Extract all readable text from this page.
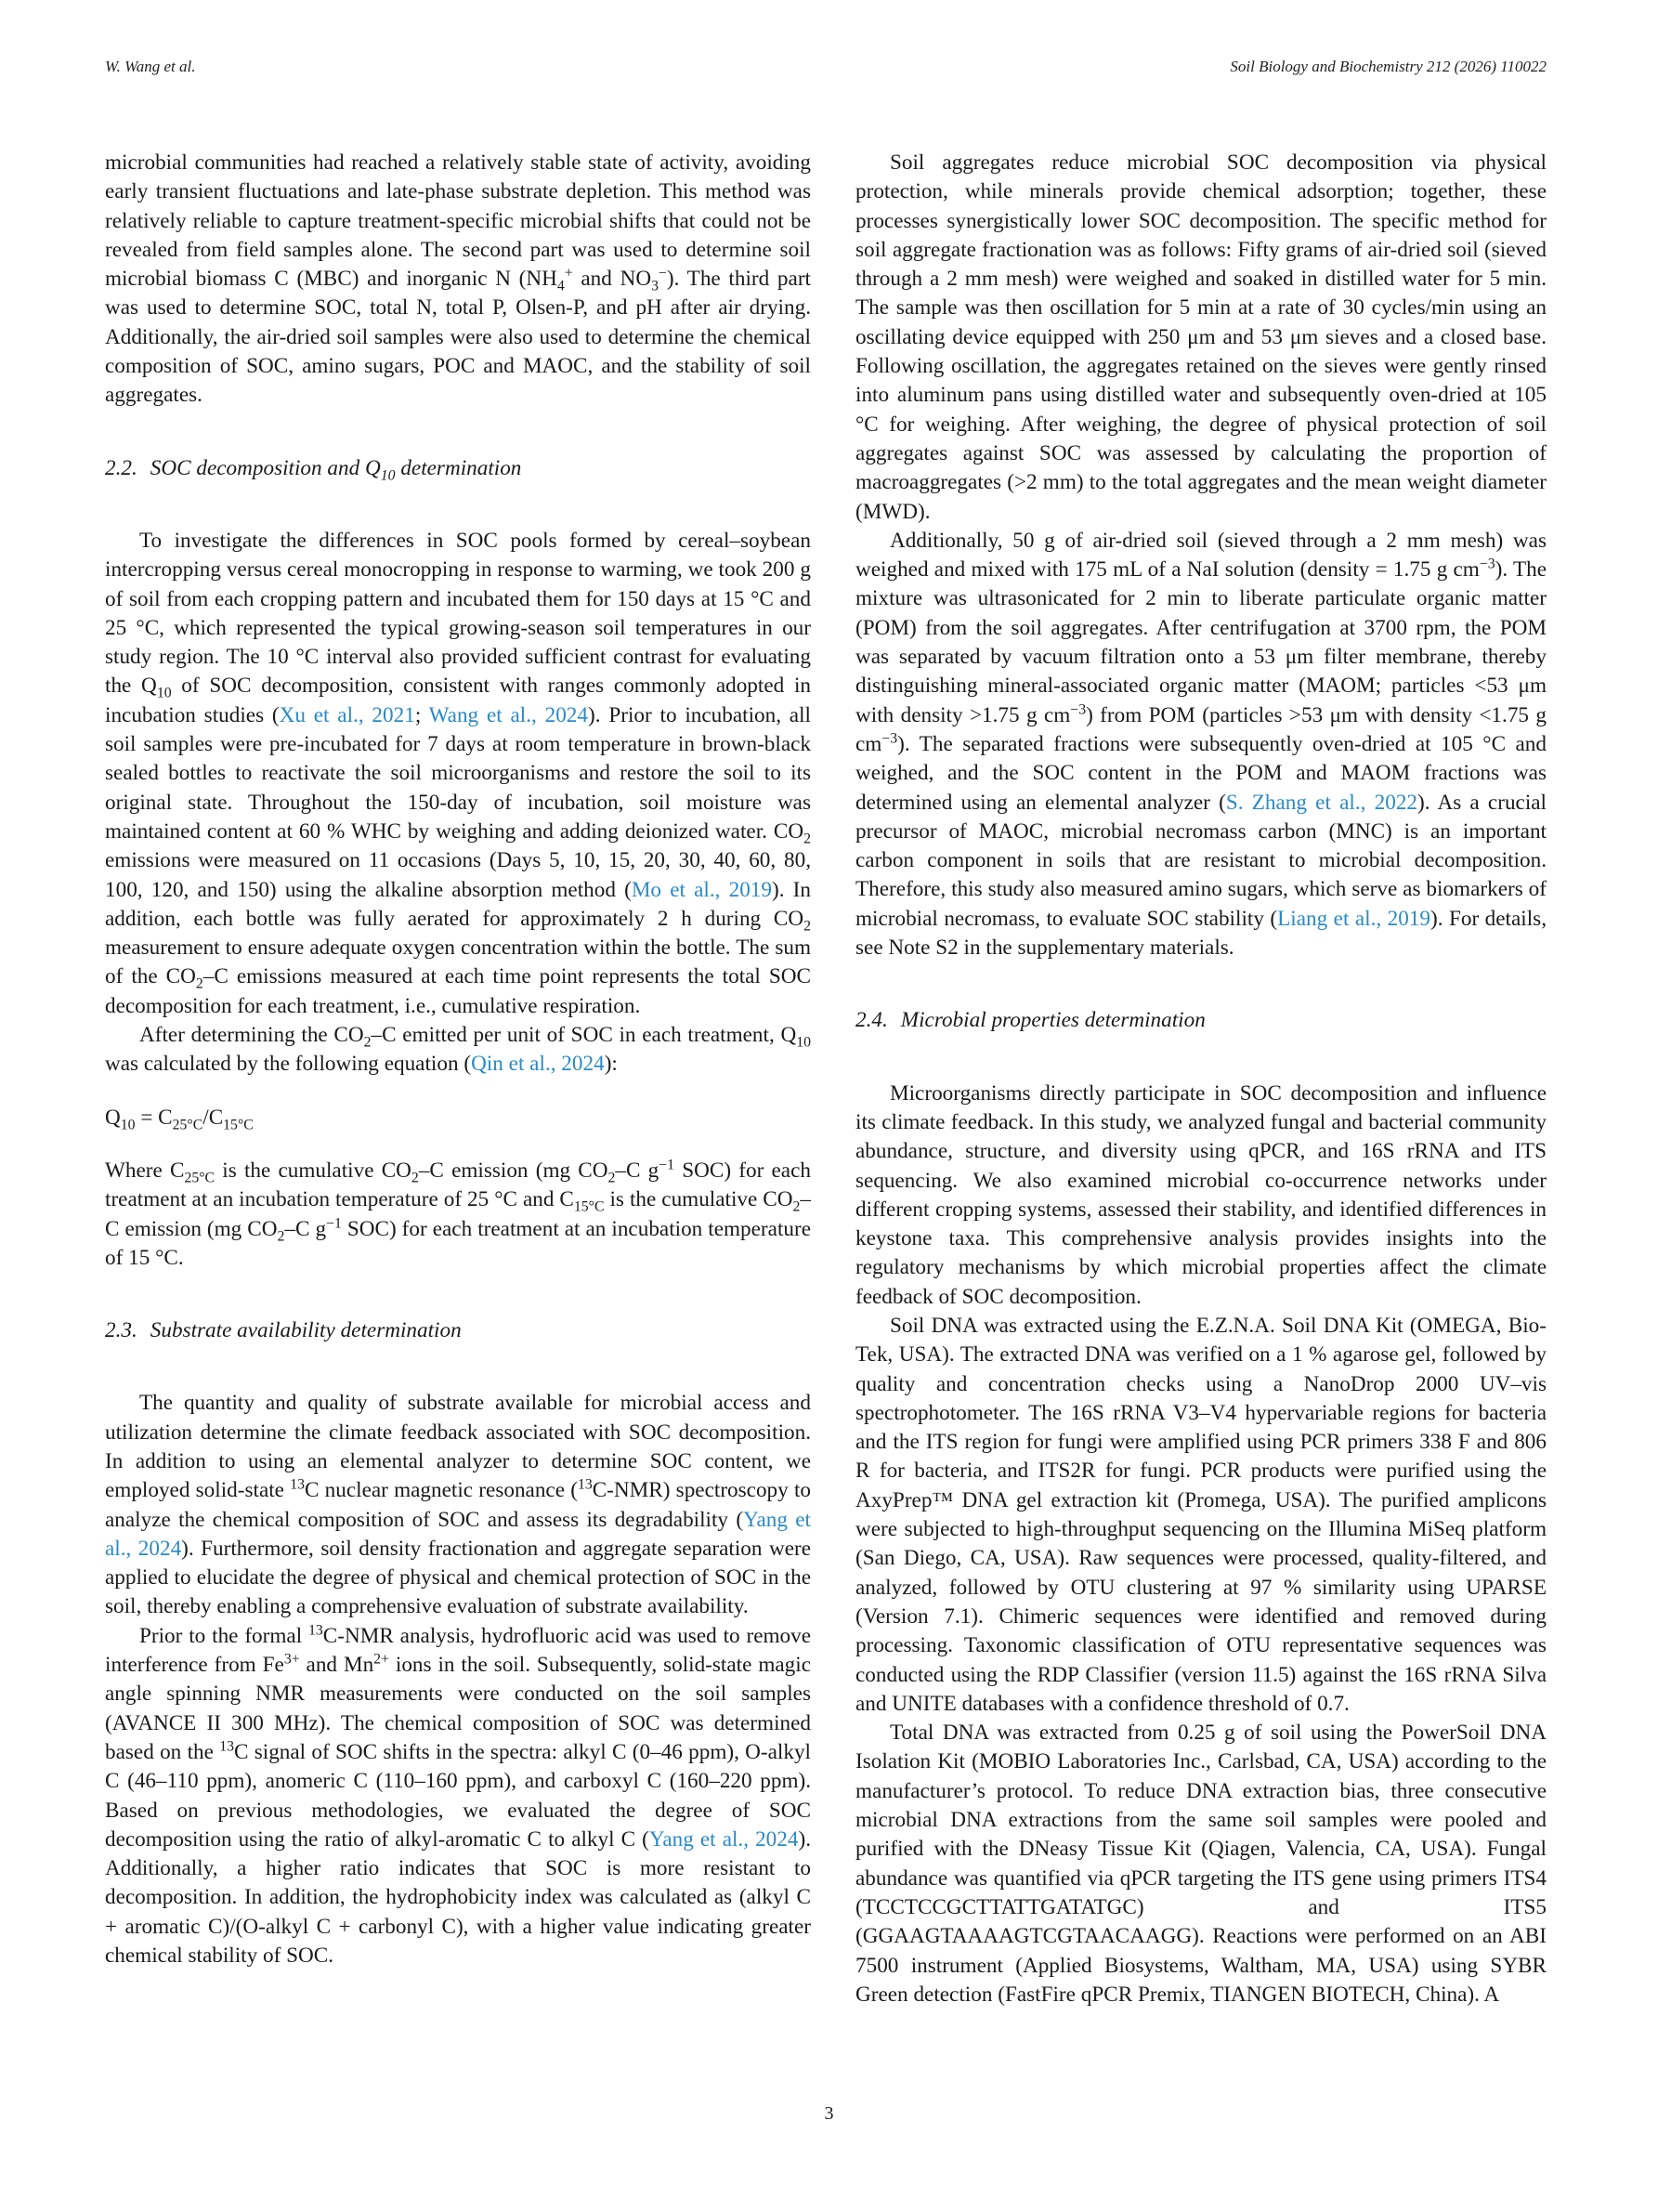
W. Wang et al.	Soil Biology and Biochemistry 212 (2026) 110022

microbial communities had reached a relatively stable state of activity, avoiding early transient fluctuations and late-phase substrate depletion. This method was relatively reliable to capture treatment-specific microbial shifts that could not be revealed from field samples alone. The second part was used to determine soil microbial biomass C (MBC) and inorganic N ($NH_4^+$ and $NO_3^-$). The third part was used to determine SOC, total N, total P, Olsen-P, and pH after air drying. Additionally, the air-dried soil samples were also used to determine the chemical composition of SOC, amino sugars, POC and MAOC, and the stability of soil aggregates.

2.2. SOC decomposition and $Q_{10}$ determination

To investigate the differences in SOC pools formed by cereal–soybean intercropping versus cereal monocropping in response to warming, we took 200 g of soil from each cropping pattern and incubated them for 150 days at 15 °C and 25 °C, which represented the typical growing-season soil temperatures in our study region. The 10 °C interval also provided sufficient contrast for evaluating the $Q_{10}$ of SOC decomposition, consistent with ranges commonly adopted in incubation studies (Xu et al., 2021; Wang et al., 2024). Prior to incubation, all soil samples were pre-incubated for 7 days at room temperature in brown-black sealed bottles to reactivate the soil microorganisms and restore the soil to its original state. Throughout the 150-day of incubation, soil moisture was maintained content at 60 % WHC by weighing and adding deionized water. $CO_2$ emissions were measured on 11 occasions (Days 5, 10, 15, 20, 30, 40, 60, 80, 100, 120, and 150) using the alkaline absorption method (Mo et al., 2019). In addition, each bottle was fully aerated for approximately 2 h during $CO_2$ measurement to ensure adequate oxygen concentration within the bottle. The sum of the $CO_2-C$ emissions measured at each time point represents the total SOC decomposition for each treatment, i.e., cumulative respiration.

After determining the $CO_2-C$ emitted per unit of SOC in each treatment, $Q_{10}$ was calculated by the following equation (Qin et al., 2024):

$Q_{10} = C_{25^\circ C}/C_{15^\circ C}$

Where $C_{25^\circ C}$ is the cumulative $CO_2-C$ emission (mg $CO_2-C$ $g^{-1}$ SOC) for each treatment at an incubation temperature of 25 °C and $C_{15^\circ C}$ is the cumulative $CO_2-C$ emission (mg $CO_2-C$ $g^{-1}$ SOC) for each treatment at an incubation temperature of 15 °C.

2.3. Substrate availability determination

The quantity and quality of substrate available for microbial access and utilization determine the climate feedback associated with SOC decomposition. In addition to using an elemental analyzer to determine SOC content, we employed solid-state $^{13}$C nuclear magnetic resonance ($^{13}$C-NMR) spectroscopy to analyze the chemical composition of SOC and assess its degradability (Yang et al., 2024). Furthermore, soil density fractionation and aggregate separation were applied to elucidate the degree of physical and chemical protection of SOC in the soil, thereby enabling a comprehensive evaluation of substrate availability.

Prior to the formal $^{13}$C-NMR analysis, hydrofluoric acid was used to remove interference from $Fe^{3+}$ and $Mn^{2+}$ ions in the soil. Subsequently, solid-state magic angle spinning NMR measurements were conducted on the soil samples (AVANCE II 300 MHz). The chemical composition of SOC was determined based on the $^{13}$C signal of SOC shifts in the spectra: alkyl C (0–46 ppm), O-alkyl C (46–110 ppm), anomeric C (110–160 ppm), and carboxyl C (160–220 ppm). Based on previous methodologies, we evaluated the degree of SOC decomposition using the ratio of alkyl-aromatic C to alkyl C (Yang et al., 2024). Additionally, a higher ratio indicates that SOC is more resistant to decomposition. In addition, the hydrophobicity index was calculated as (alkyl C + aromatic C)/(O-alkyl C + carbonyl C), with a higher value indicating greater chemical stability of SOC.

Soil aggregates reduce microbial SOC decomposition via physical protection, while minerals provide chemical adsorption; together, these processes synergistically lower SOC decomposition. The specific method for soil aggregate fractionation was as follows: Fifty grams of air-dried soil (sieved through a 2 mm mesh) were weighed and soaked in distilled water for 5 min. The sample was then oscillation for 5 min at a rate of 30 cycles/min using an oscillating device equipped with 250 μm and 53 μm sieves and a closed base. Following oscillation, the aggregates retained on the sieves were gently rinsed into aluminum pans using distilled water and subsequently oven-dried at 105 °C for weighing. After weighing, the degree of physical protection of soil aggregates against SOC was assessed by calculating the proportion of macroaggregates (>2 mm) to the total aggregates and the mean weight diameter (MWD).

Additionally, 50 g of air-dried soil (sieved through a 2 mm mesh) was weighed and mixed with 175 mL of a NaI solution (density = 1.75 g $cm^{-3}$). The mixture was ultrasonicated for 2 min to liberate particulate organic matter (POM) from the soil aggregates. After centrifugation at 3700 rpm, the POM was separated by vacuum filtration onto a 53 μm filter membrane, thereby distinguishing mineral-associated organic matter (MAOM; particles <53 μm with density >1.75 g $cm^{-3}$) from POM (particles >53 μm with density <1.75 g $cm^{-3}$). The separated fractions were subsequently oven-dried at 105 °C and weighed, and the SOC content in the POM and MAOM fractions was determined using an elemental analyzer (S. Zhang et al., 2022). As a crucial precursor of MAOC, microbial necromass carbon (MNC) is an important carbon component in soils that are resistant to microbial decomposition. Therefore, this study also measured amino sugars, which serve as biomarkers of microbial necromass, to evaluate SOC stability (Liang et al., 2019). For details, see Note S2 in the supplementary materials.

2.4. Microbial properties determination

Microorganisms directly participate in SOC decomposition and influence its climate feedback. In this study, we analyzed fungal and bacterial community abundance, structure, and diversity using qPCR, and 16S rRNA and ITS sequencing. We also examined microbial co-occurrence networks under different cropping systems, assessed their stability, and identified differences in keystone taxa. This comprehensive analysis provides insights into the regulatory mechanisms by which microbial properties affect the climate feedback of SOC decomposition.

Soil DNA was extracted using the E.Z.N.A. Soil DNA Kit (OMEGA, Bio-Tek, USA). The extracted DNA was verified on a 1 % agarose gel, followed by quality and concentration checks using a NanoDrop 2000 UV–vis spectrophotometer. The 16S rRNA V3–V4 hypervariable regions for bacteria and the ITS region for fungi were amplified using PCR primers 338 F and 806 R for bacteria, and ITS2R for fungi. PCR products were purified using the AxyPrep™ DNA gel extraction kit (Promega, USA). The purified amplicons were subjected to high-throughput sequencing on the Illumina MiSeq platform (San Diego, CA, USA). Raw sequences were processed, quality-filtered, and analyzed, followed by OTU clustering at 97 % similarity using UPARSE (Version 7.1). Chimeric sequences were identified and removed during processing. Taxonomic classification of OTU representative sequences was conducted using the RDP Classifier (version 11.5) against the 16S rRNA Silva and UNITE databases with a confidence threshold of 0.7.

Total DNA was extracted from 0.25 g of soil using the PowerSoil DNA Isolation Kit (MOBIO Laboratories Inc., Carlsbad, CA, USA) according to the manufacturer’s protocol. To reduce DNA extraction bias, three consecutive microbial DNA extractions from the same soil samples were pooled and purified with the DNeasy Tissue Kit (Qiagen, Valencia, CA, USA). Fungal abundance was quantified via qPCR targeting the ITS gene using primers ITS4 (TCCTCCGCTTATTGATATGC) and ITS5 (GGAAGTAAAAGTCGTAACAAGG). Reactions were performed on an ABI 7500 instrument (Applied Biosystems, Waltham, MA, USA) using SYBR Green detection (FastFire qPCR Premix, TIANGEN BIOTECH, China). A

3
